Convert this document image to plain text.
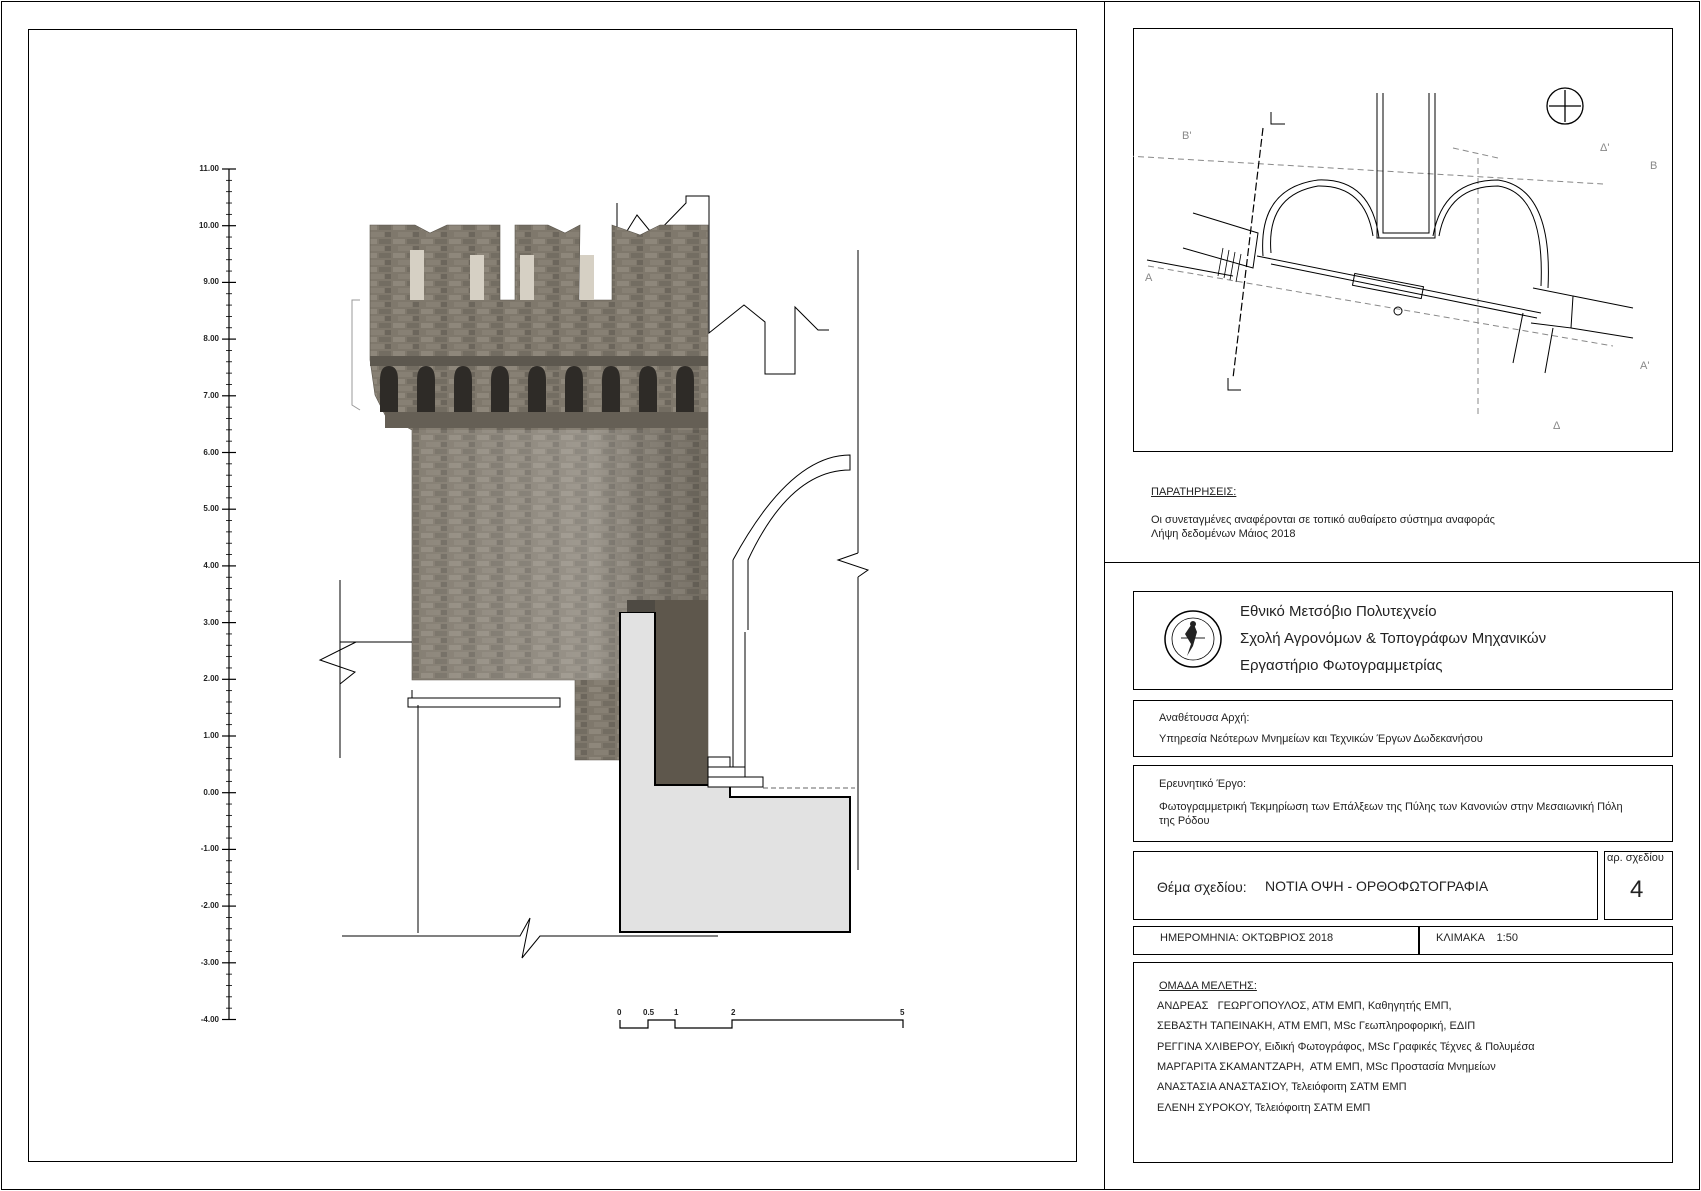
11.00
10.00
9.00
8.00
7.00
6.00
5.00
4.00
3.00
2.00
1.00
0.00
-1.00
-2.00
-3.00
-4.00
0	0.5 1	2	5
B'
B
A
A'
Δ'
Δ
ΠΑΡΑΤΗΡΗΣΕΙΣ:
Οι συνεταγμένες αναφέρονται σε τοπικό αυθαίρετο σύστημα αναφοράς
Λήψη δεδομένων Μάιος 2018
Εθνικό Μετσόβιο Πολυτεχνείο
Σχολή Αγρονόμων & Τοπογράφων Μηχανικών
Εργαστήριο Φωτογραμμετρίας
Αναθέτουσα Αρχή:
Υπηρεσία Νεότερων Μνημείων και Τεχνικών Έργων Δωδεκανήσου
Ερευνητικό Έργο:
Φωτογραμμετρική Τεκμηρίωση των Επάλξεων της Πύλης των Κανονιών στην Μεσαιωνική Πόλη
της Ρόδου
Θέμα σχεδίου: ΝΟΤΙΑ ΟΨΗ - ΟΡΘΟΦΩΤΟΓΡΑΦΙΑ
αρ. σχεδίου
4
ΗΜΕΡΟΜΗΝΙΑ: ΟΚΤΩΒΡΙΟΣ 2018	ΚΛΙΜΑΚΑ    1:50
ΟΜΑΔΑ ΜΕΛΕΤΗΣ:
ΑΝΔΡΕΑΣ   ΓΕΩΡΓΟΠΟΥΛΟΣ, ΑΤΜ ΕΜΠ, Καθηγητής ΕΜΠ,
ΣΕΒΑΣΤΗ ΤΑΠΕΙΝΑΚΗ, ΑΤΜ ΕΜΠ, MSc Γεωπληροφορική, ΕΔΙΠ
ΡΕΓΓΙΝΑ ΧΛΙΒΕΡΟΥ, Ειδική Φωτογράφος, MSc Γραφικές Τέχνες & Πολυμέσα
ΜΑΡΓΑΡΙΤΑ ΣΚΑΜΑΝΤΖΑΡΗ,  ΑΤΜ ΕΜΠ, MSc Προστασία Μνημείων
ΑΝΑΣΤΑΣΙΑ ΑΝΑΣΤΑΣΙΟΥ, Τελειόφοιτη ΣΑΤΜ ΕΜΠ
ΕΛΕΝΗ ΣΥΡΟΚΟΥ, Τελειόφοιτη ΣΑΤΜ ΕΜΠ
